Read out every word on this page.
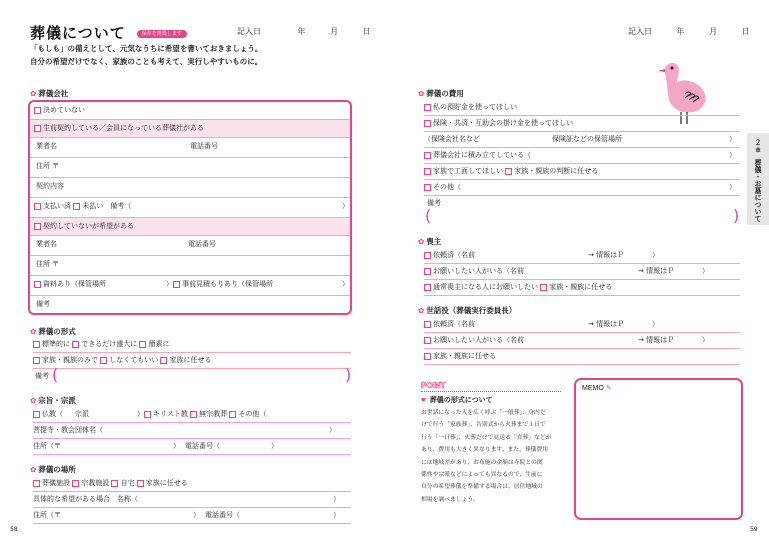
葬儀について	保存を推奨します	記入日	年	月	日
「もしも」の備えとして、元気なうちに希望を書いておきましょう。
自分の希望だけでなく、家族のことも考えて、実行しやすいものに。
✿ 葬儀会社
決めていない
生前契約している／会員になっている葬儀社がある
業者名	電話番号
住所 〒
契約内容
支払い済 未払い　 備考（	）
契約していないが希望がある
業者名	電話番号
住所 〒
資料あり（保管場所	） 事前見積もりあり（保管場所	）
備考
✿ 葬儀の形式
標準的に できるだけ盛大に 簡素に
家族・親族のみで しなくてもいい 家族に任せる
備考 (	)
✿ 宗旨・宗派
仏教（ 宗派	） キリスト教 無宗教葬 その他（
菩提寺・教会団体名（	）
住所（〒	） 電話番号（	）
✿ 葬儀の場所
葬儀施設 宗教施設 自宅 家族に任せる
具体的な希望がある場合　名称（	）
住所（〒	） 電話番号（	）
58
記入日	年	月	日
✿ 葬儀の費用
私の預貯金を使ってほしい
保険・共済・互助会の掛け金を使ってほしい
（保険会社名など	保険証などの保管場所	）
葬儀会社に積み立てしている（	）
家族で工面してほしい 家族・親族の判断に任せる
その他（	）
備考
(	)
✿ 喪主
依頼済（名前	→ 情報はＰ	）
お願いしたい人がいる（名前	→ 情報はＰ	）
通常喪主になる人にお願いしたい 家族・親族に任せる
✿ 世話役（葬儀実行委員長）
依頼済（名前	→ 情報はＰ	）
お願いしたい人がいる（名前	→ 情報はＰ	）
家族・親族に任せる
POINT
☛ 葬儀の形式について
お世話になった人を広く呼ぶ「一般葬」、身内だ
けで行う「家族葬」、告別式から火葬まで１日で
行う「一日葬」、火葬だけで見送る「直葬」などが
あり、費用も大きく異なります。また、葬儀費用
には地域差があり、お布施の金額は寺院との関
係性や宗派などによっても異なるので、生前に
自分の希望葬儀を準備する場合は、居住地域の
相場を調べましょう。
MEMO ✎
２
章
葬儀・お墓について
59
